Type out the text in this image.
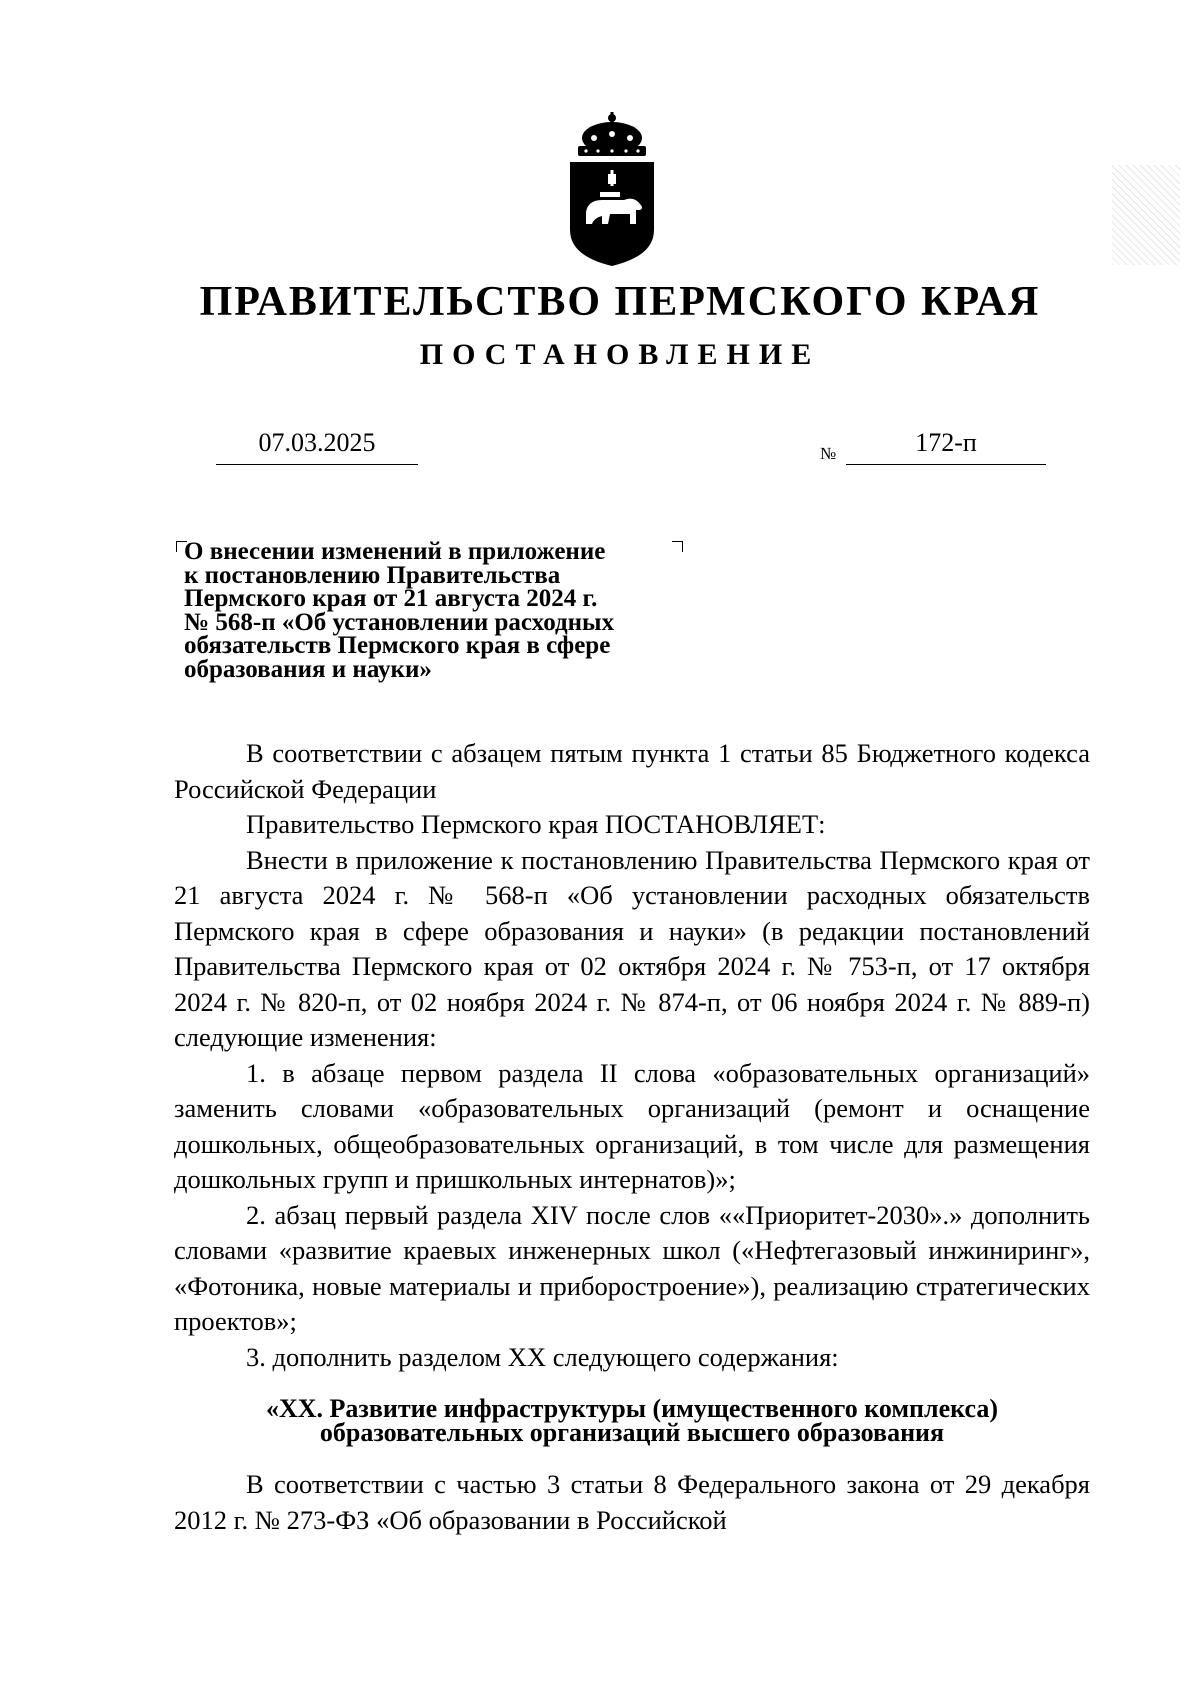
ПРАВИТЕЛЬСТВО ПЕРМСКОГО КРАЯ
ПОСТАНОВЛЕНИЕ
07.03.2025	№	172-п
О внесении изменений в приложение
к постановлению Правительства
Пермского края от 21 августа 2024 г.
№ 568-п «Об установлении расходных
обязательств Пермского края в сфере
образования и науки»

В соответствии с абзацем пятым пункта 1 статьи 85 Бюджетного кодекса Российской Федерации

Правительство Пермского края ПОСТАНОВЛЯЕТ:

Внести в приложение к постановлению Правительства Пермского края от 21 августа 2024 г. № 568-п «Об установлении расходных обязательств Пермского края в сфере образования и науки» (в редакции постановлений Правительства Пермского края от 02 октября 2024 г. № 753-п, от 17 октября 2024 г. № 820-п, от 02 ноября 2024 г. № 874-п, от 06 ноября 2024 г. № 889-п) следующие изменения:

1. в абзаце первом раздела II слова «образовательных организаций» заменить словами «образовательных организаций (ремонт и оснащение дошкольных, общеобразовательных организаций, в том числе для размещения дошкольных групп и пришкольных интернатов)»;

2. абзац первый раздела XIV после слов ««Приоритет-2030».» дополнить словами «развитие краевых инженерных школ («Нефтегазовый инжиниринг», «Фотоника, новые материалы и приборостроение»), реализацию стратегических проектов»;

3. дополнить разделом XX следующего содержания:

«XX. Развитие инфраструктуры (имущественного комплекса)
образовательных организаций высшего образования

В соответствии с частью 3 статьи 8 Федерального закона от 29 декабря 2012 г. № 273-ФЗ «Об образовании в Российской
